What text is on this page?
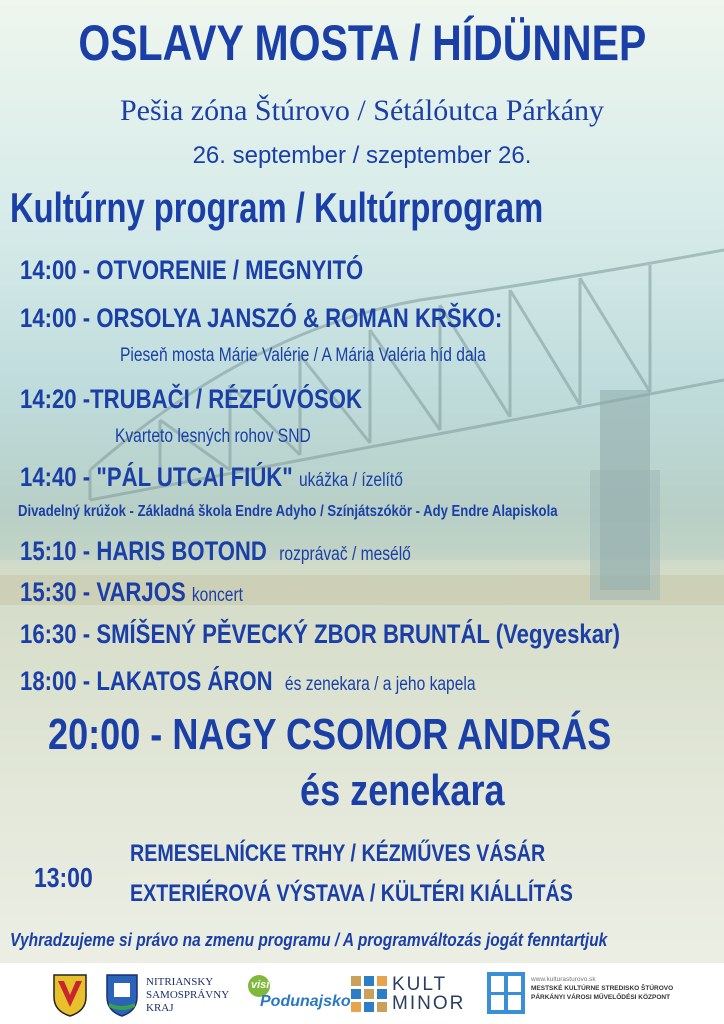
OSLAVY MOSTA / HÍDÜNNEP
Pešia zóna Štúrovo / Sétálóutca Párkány
26. september / szeptember 26.
Kultúrny program / Kultúrprogram
14:00 - OTVORENIE / MEGNYITÓ
14:00 - ORSOLYA JANSZÓ & ROMAN KRŠKO:
Pieseň mosta Márie Valérie / A Mária Valéria híd dala
14:20 -TRUBAČI / RÉZFÚVÓSOK
Kvarteto lesných rohov SND
14:40 - "PÁL UTCAI FIÚK" ukážka / ízelítő
Divadelný krúžok - Základná škola Endre Adyho / Színjátszókör - Ady Endre Alapiskola
15:10 - HARIS BOTOND rozprávač / mesélő
15:30 - VARJOS koncert
16:30 - SMÍŠENÝ PĚVECKÝ ZBOR BRUNTÁL (Vegyeskar)
18:00 - LAKATOS ÁRON és zenekara / a jeho kapela
20:00 - NAGY CSOMOR ANDRÁS
és zenekara
13:00
REMESELNÍCKE TRHY / KÉZMŰVES VÁSÁR
EXTERIÉROVÁ VÝSTAVA / KÜLTÉRI KIÁLLÍTÁS
Vyhradzujeme si právo na zmenu programu / A programváltozás jogát fenntartjuk
NITRIANSKY
SAMOSPRÁVNY
KRAJ
visit
Podunajsko
KULT
MINOR
www.kulturasturovo.sk
MESTSKÉ KULTÚRNE STREDISKO ŠTÚROVO
PÁRKÁNYI VÁROSI MŰVELŐDÉSI KÖZPONT
